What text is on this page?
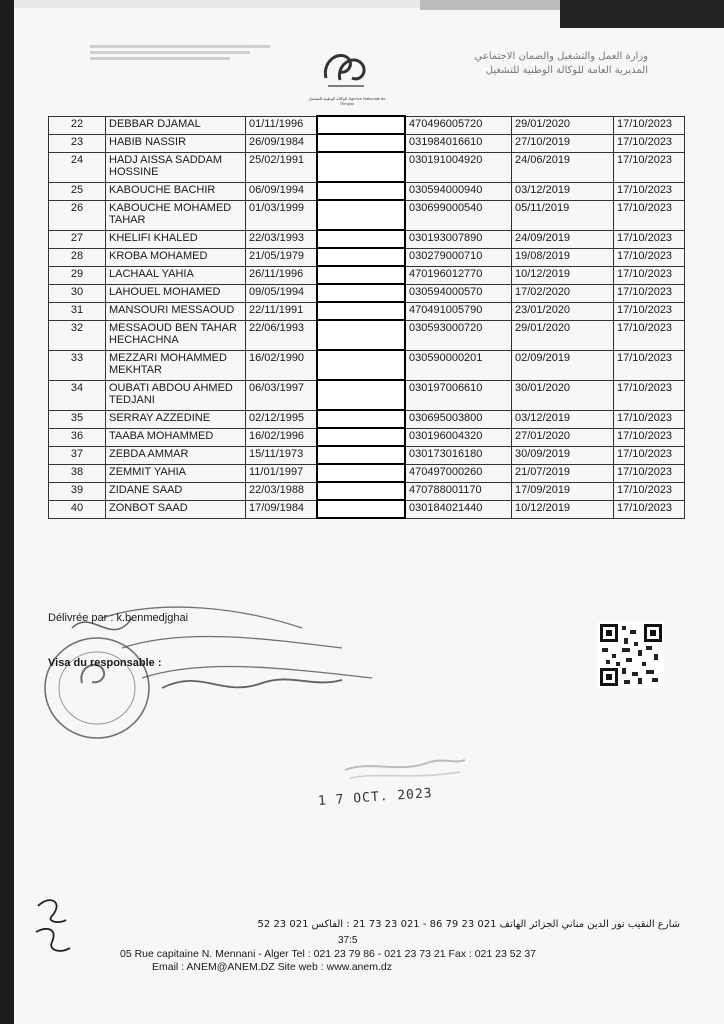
الوكالة الوطنية للتشغيل Agence Nationale de l'Emploi
وزارة العمل والتشغيل والضمان الاجتماعي
المديرية العامة للوكالة الوطنية للتشغيل
22	DEBBAR DJAMAL	01/11/1996		470496005720	29/01/2020	17/10/2023
23	HABIB NASSIR	26/09/1984		031984016610	27/10/2019	17/10/2023
24	HADJ AISSA SADDAM HOSSINE	25/02/1991		030191004920	24/06/2019	17/10/2023
25	KABOUCHE BACHIR	06/09/1994		030594000940	03/12/2019	17/10/2023
26	KABOUCHE MOHAMED TAHAR	01/03/1999		030699000540	05/11/2019	17/10/2023
27	KHELIFI KHALED	22/03/1993		030193007890	24/09/2019	17/10/2023
28	KROBA MOHAMED	21/05/1979		030279000710	19/08/2019	17/10/2023
29	LACHAAL YAHIA	26/11/1996		470196012770	10/12/2019	17/10/2023
30	LAHOUEL MOHAMED	09/05/1994		030594000570	17/02/2020	17/10/2023
31	MANSOURI MESSAOUD	22/11/1991		470491005790	23/01/2020	17/10/2023
32	MESSAOUD BEN TAHAR HECHACHNA	22/06/1993		030593000720	29/01/2020	17/10/2023
33	MEZZARI MOHAMMED MEKHTAR	16/02/1990		030590000201	02/09/2019	17/10/2023
34	OUBATI ABDOU AHMED TEDJANI	06/03/1997		030197006610	30/01/2020	17/10/2023
35	SERRAY AZZEDINE	02/12/1995		030695003800	03/12/2019	17/10/2023
36	TAABA MOHAMMED	16/02/1996		030196004320	27/01/2020	17/10/2023
37	ZEBDA AMMAR	15/11/1973		030173016180	30/09/2019	17/10/2023
38	ZEMMIT YAHIA	11/01/1997		470497000260	21/07/2019	17/10/2023
39	ZIDANE SAAD	22/03/1988		470788001170	17/09/2019	17/10/2023
40	ZONBOT SAAD	17/09/1984		030184021440	10/12/2019	17/10/2023
Délivrée par : k.benmedjghai
Visa du responsable :
1 7 OCT. 2023
شارع النقيب نور الدين مناني الجزائر الهاتف 021 23 79 86 - 021 23 73 21 : الفاكس 021 23 52
37:5
05 Rue capitaine N. Mennani - Alger Tel : 021 23 79 86 - 021 23 73 21 Fax : 021 23 52 37
Email : ANEM@ANEM.DZ Site web : www.anem.dz
